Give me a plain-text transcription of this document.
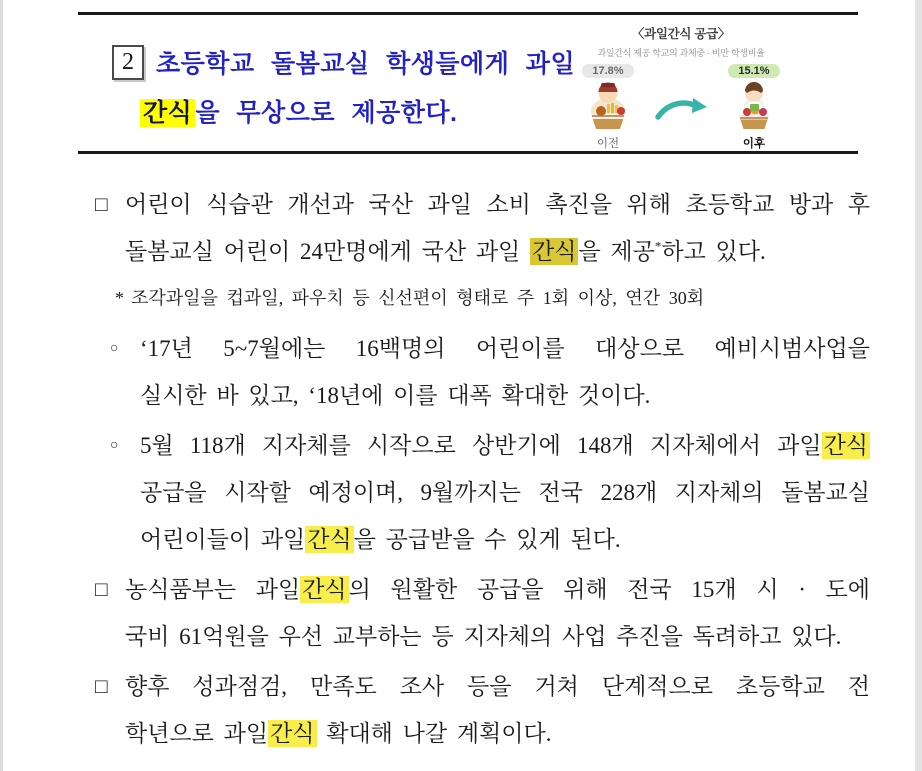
2 초등학교 돌봄교실 학생들에게 과일
간식 을 무상으로 제공한다.
〈과일간식 공급〉
과일간식 제공 학교의 과체중 · 비만 학생비율
17.8%
이전
15.1%
이후
□ 어린이 식습관 개선과 국산 과일 소비 촉진을 위해 초등학교 방과 후
돌봄교실 어린이 24만명에게 국산 과일 간식을 제공*하고 있다.
* 조각과일을 컵과일, 파우치 등 신선편이 형태로 주 1회 이상, 연간 30회
○ ‘17년 5~7월에는 16백명의 어린이를 대상으로 예비시범사업을
실시한 바 있고, ‘18년에 이를 대폭 확대한 것이다.
○ 5월 118개 지자체를 시작으로 상반기에 148개 지자체에서 과일간식
공급을 시작할 예정이며, 9월까지는 전국 228개 지자체의 돌봄교실
어린이들이 과일간식을 공급받을 수 있게 된다.
□ 농식품부는 과일간식의 원활한 공급을 위해 전국 15개 시 · 도에
국비 61억원을 우선 교부하는 등 지자체의 사업 추진을 독려하고 있다.
□ 향후 성과점검, 만족도 조사 등을 거쳐 단계적으로 초등학교 전
학년으로 과일간식 확대해 나갈 계획이다.
